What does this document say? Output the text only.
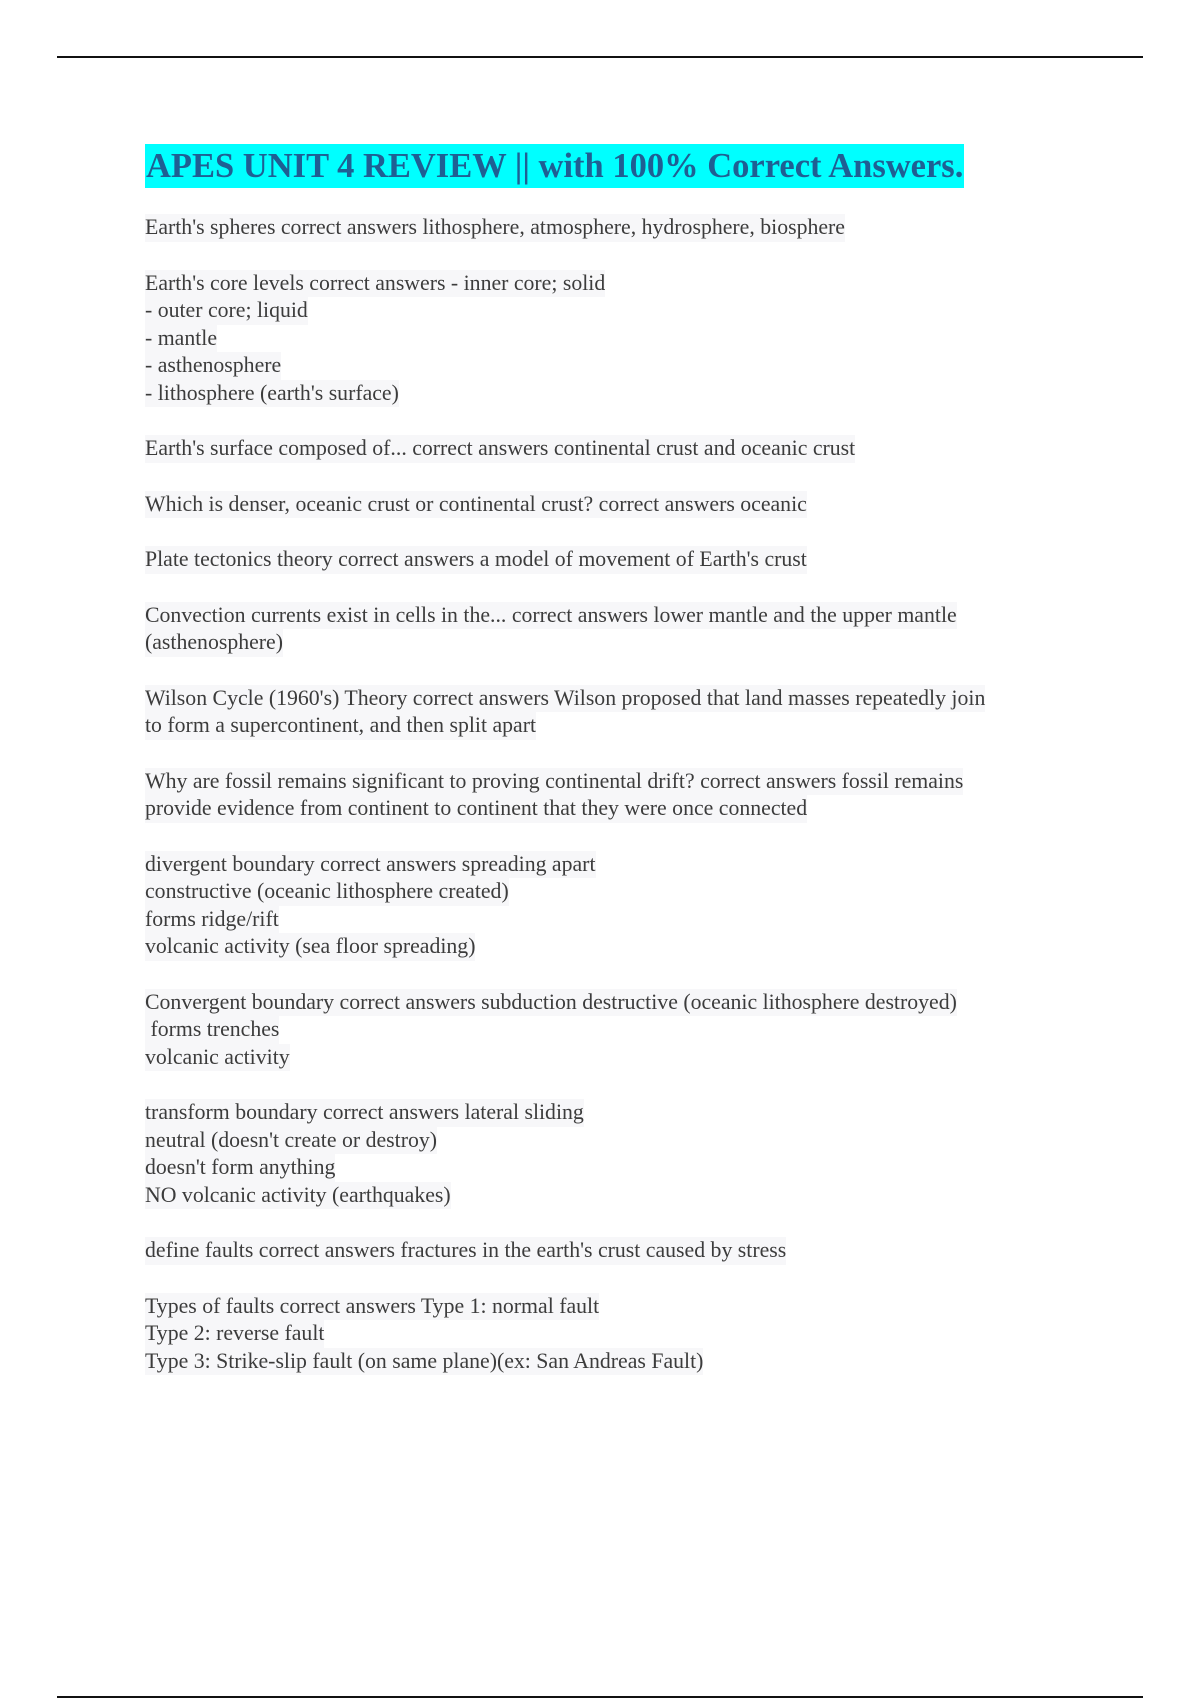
APES UNIT 4 REVIEW || with 100% Correct Answers.
Earth's spheres correct answers lithosphere, atmosphere, hydrosphere, biosphere
Earth's core levels correct answers - inner core; solid
- outer core; liquid
- mantle
- asthenosphere
- lithosphere (earth's surface)
Earth's surface composed of... correct answers continental crust and oceanic crust
Which is denser, oceanic crust or continental crust? correct answers oceanic
Plate tectonics theory correct answers a model of movement of Earth's crust
Convection currents exist in cells in the... correct answers lower mantle and the upper mantle
(asthenosphere)
Wilson Cycle (1960's) Theory correct answers Wilson proposed that land masses repeatedly join
to form a supercontinent, and then split apart
Why are fossil remains significant to proving continental drift? correct answers fossil remains
provide evidence from continent to continent that they were once connected
divergent boundary correct answers spreading apart
constructive (oceanic lithosphere created)
forms ridge/rift
volcanic activity (sea floor spreading)
Convergent boundary correct answers subduction destructive (oceanic lithosphere destroyed)
forms trenches
volcanic activity
transform boundary correct answers lateral sliding
neutral (doesn't create or destroy)
doesn't form anything
NO volcanic activity (earthquakes)
define faults correct answers fractures in the earth's crust caused by stress
Types of faults correct answers Type 1: normal fault
Type 2: reverse fault
Type 3: Strike-slip fault (on same plane)(ex: San Andreas Fault)
